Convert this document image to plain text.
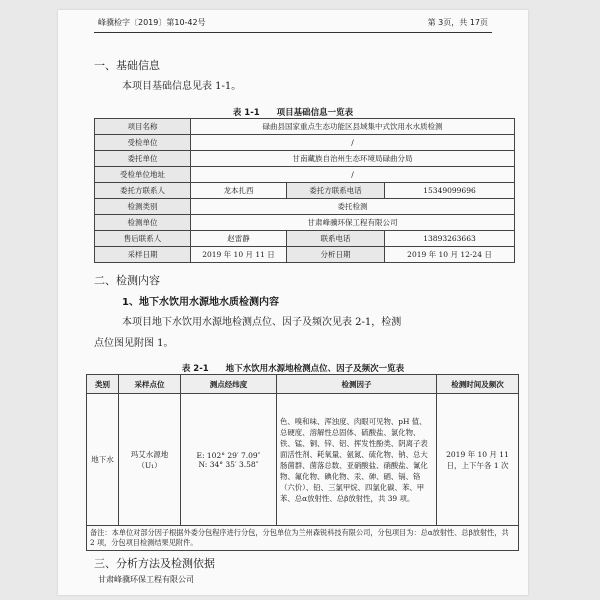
峰骥检字〔2019〕第10-42号	第 3页，共 17页
一、基础信息
本项目基础信息见表 1-1。
表 1-1　　项目基础信息一览表
项目名称	碌曲县国家重点生态功能区县域集中式饮用水水质检测		
受检单位	/		
委托单位	甘南藏族自治州生态环境局碌曲分局		
受检单位地址	/		
委托方联系人	龙本扎西	委托方联系电话	15349099696
检测类别	委托检测		
检测单位	甘肃峰骥环保工程有限公司		
售后联系人	赵雷静	联系电话	13893263663
采样日期	2019 年 10 月 11 日	分析日期	2019 年 10 月 12-24 日
二、检测内容
1、地下水饮用水源地水质检测内容
本项目地下水饮用水源地检测点位、因子及频次见表 2-1，检测
点位图见附图 1。
表 2-1　　地下水饮用水源地检测点位、因子及频次一览表
类别	采样点位	测点经纬度	检测因子	检测时间及频次
地下水	玛艾水源地（U₁）	E: 102° 29′ 7.09″
N: 34° 35′ 3.58″	色、嗅和味、浑浊度、肉眼可见物、pH 值、总硬度、溶解性总固体、硫酸盐、氯化物、铁、锰、铜、锌、铝、挥发性酚类、阴离子表面活性剂、耗氧量、氨氮、硫化物、钠、总大肠菌群、菌落总数、亚硝酸盐、硝酸盐、氰化物、氟化物、碘化物、汞、砷、硒、镉、铬（六价）、铅、三氯甲烷、四氯化碳、苯、甲苯、总α放射性、总β放射性，共 39 项。	2019 年 10 月 11 日，上下午各 1 次
备注：本单位对部分因子根据外委分包程序进行分包，分包单位为兰州森锐科技有限公司，分包项目为：总α放射性、总β放射性，共 2 项，分包项目检测结果见附件。				
三、分析方法及检测依据
甘肃峰骥环保工程有限公司
